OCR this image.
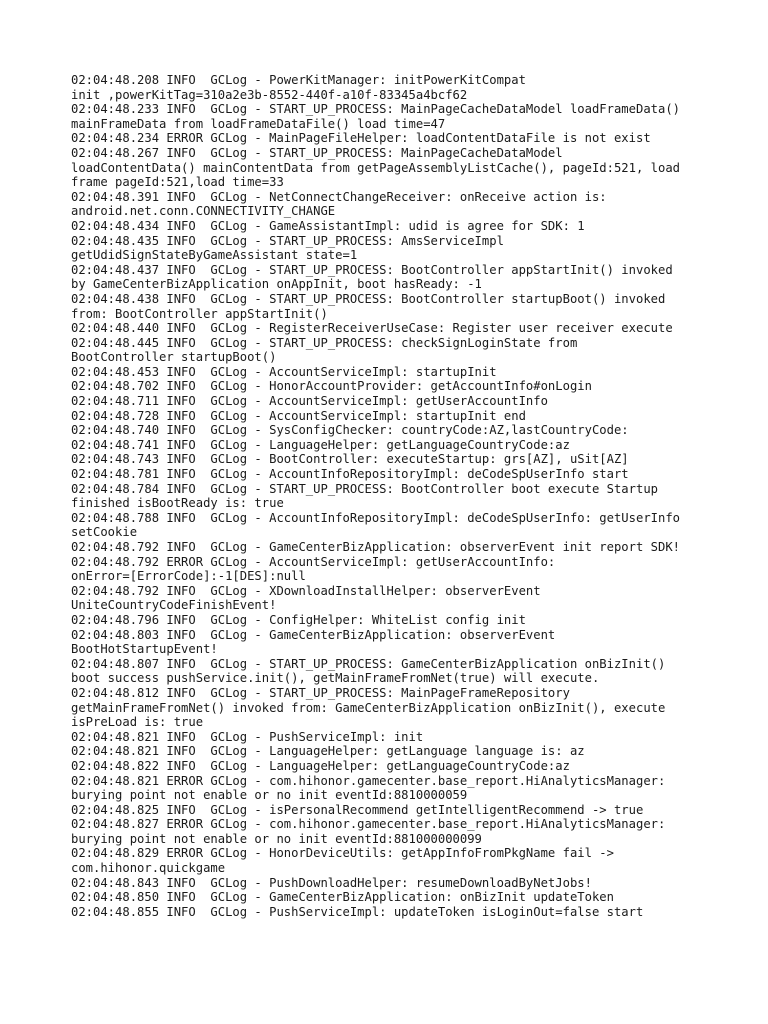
02:04:48.208 INFO  GCLog - PowerKitManager: initPowerKitCompat
init ,powerKitTag=310a2e3b-8552-440f-a10f-83345a4bcf62
02:04:48.233 INFO  GCLog - START_UP_PROCESS: MainPageCacheDataModel loadFrameData()
mainFrameData from loadFrameDataFile() load time=47
02:04:48.234 ERROR GCLog - MainPageFileHelper: loadContentDataFile is not exist
02:04:48.267 INFO  GCLog - START_UP_PROCESS: MainPageCacheDataModel
loadContentData() mainContentData from getPageAssemblyListCache(), pageId:521, load
frame pageId:521,load time=33
02:04:48.391 INFO  GCLog - NetConnectChangeReceiver: onReceive action is:
android.net.conn.CONNECTIVITY_CHANGE
02:04:48.434 INFO  GCLog - GameAssistantImpl: udid is agree for SDK: 1
02:04:48.435 INFO  GCLog - START_UP_PROCESS: AmsServiceImpl
getUdidSignStateByGameAssistant state=1
02:04:48.437 INFO  GCLog - START_UP_PROCESS: BootController appStartInit() invoked
by GameCenterBizApplication onAppInit, boot hasReady: -1
02:04:48.438 INFO  GCLog - START_UP_PROCESS: BootController startupBoot() invoked
from: BootController appStartInit()
02:04:48.440 INFO  GCLog - RegisterReceiverUseCase: Register user receiver execute
02:04:48.445 INFO  GCLog - START_UP_PROCESS: checkSignLoginState from
BootController startupBoot()
02:04:48.453 INFO  GCLog - AccountServiceImpl: startupInit
02:04:48.702 INFO  GCLog - HonorAccountProvider: getAccountInfo#onLogin
02:04:48.711 INFO  GCLog - AccountServiceImpl: getUserAccountInfo
02:04:48.728 INFO  GCLog - AccountServiceImpl: startupInit end
02:04:48.740 INFO  GCLog - SysConfigChecker: countryCode:AZ,lastCountryCode:
02:04:48.741 INFO  GCLog - LanguageHelper: getLanguageCountryCode:az
02:04:48.743 INFO  GCLog - BootController: executeStartup: grs[AZ], uSit[AZ]
02:04:48.781 INFO  GCLog - AccountInfoRepositoryImpl: deCodeSpUserInfo start
02:04:48.784 INFO  GCLog - START_UP_PROCESS: BootController boot execute Startup
finished isBootReady is: true
02:04:48.788 INFO  GCLog - AccountInfoRepositoryImpl: deCodeSpUserInfo: getUserInfo
setCookie
02:04:48.792 INFO  GCLog - GameCenterBizApplication: observerEvent init report SDK!
02:04:48.792 ERROR GCLog - AccountServiceImpl: getUserAccountInfo:
onError=[ErrorCode]:-1[DES]:null
02:04:48.792 INFO  GCLog - XDownloadInstallHelper: observerEvent
UniteCountryCodeFinishEvent!
02:04:48.796 INFO  GCLog - ConfigHelper: WhiteList config init
02:04:48.803 INFO  GCLog - GameCenterBizApplication: observerEvent
BootHotStartupEvent!
02:04:48.807 INFO  GCLog - START_UP_PROCESS: GameCenterBizApplication onBizInit()
boot success pushService.init(), getMainFrameFromNet(true) will execute.
02:04:48.812 INFO  GCLog - START_UP_PROCESS: MainPageFrameRepository
getMainFrameFromNet() invoked from: GameCenterBizApplication onBizInit(), execute
isPreLoad is: true
02:04:48.821 INFO  GCLog - PushServiceImpl: init
02:04:48.821 INFO  GCLog - LanguageHelper: getLanguage language is: az
02:04:48.822 INFO  GCLog - LanguageHelper: getLanguageCountryCode:az
02:04:48.821 ERROR GCLog - com.hihonor.gamecenter.base_report.HiAnalyticsManager:
burying point not enable or no init eventId:8810000059
02:04:48.825 INFO  GCLog - isPersonalRecommend getIntelligentRecommend -> true
02:04:48.827 ERROR GCLog - com.hihonor.gamecenter.base_report.HiAnalyticsManager:
burying point not enable or no init eventId:881000000099
02:04:48.829 ERROR GCLog - HonorDeviceUtils: getAppInfoFromPkgName fail ->
com.hihonor.quickgame
02:04:48.843 INFO  GCLog - PushDownloadHelper: resumeDownloadByNetJobs!
02:04:48.850 INFO  GCLog - GameCenterBizApplication: onBizInit updateToken
02:04:48.855 INFO  GCLog - PushServiceImpl: updateToken isLoginOut=false start
